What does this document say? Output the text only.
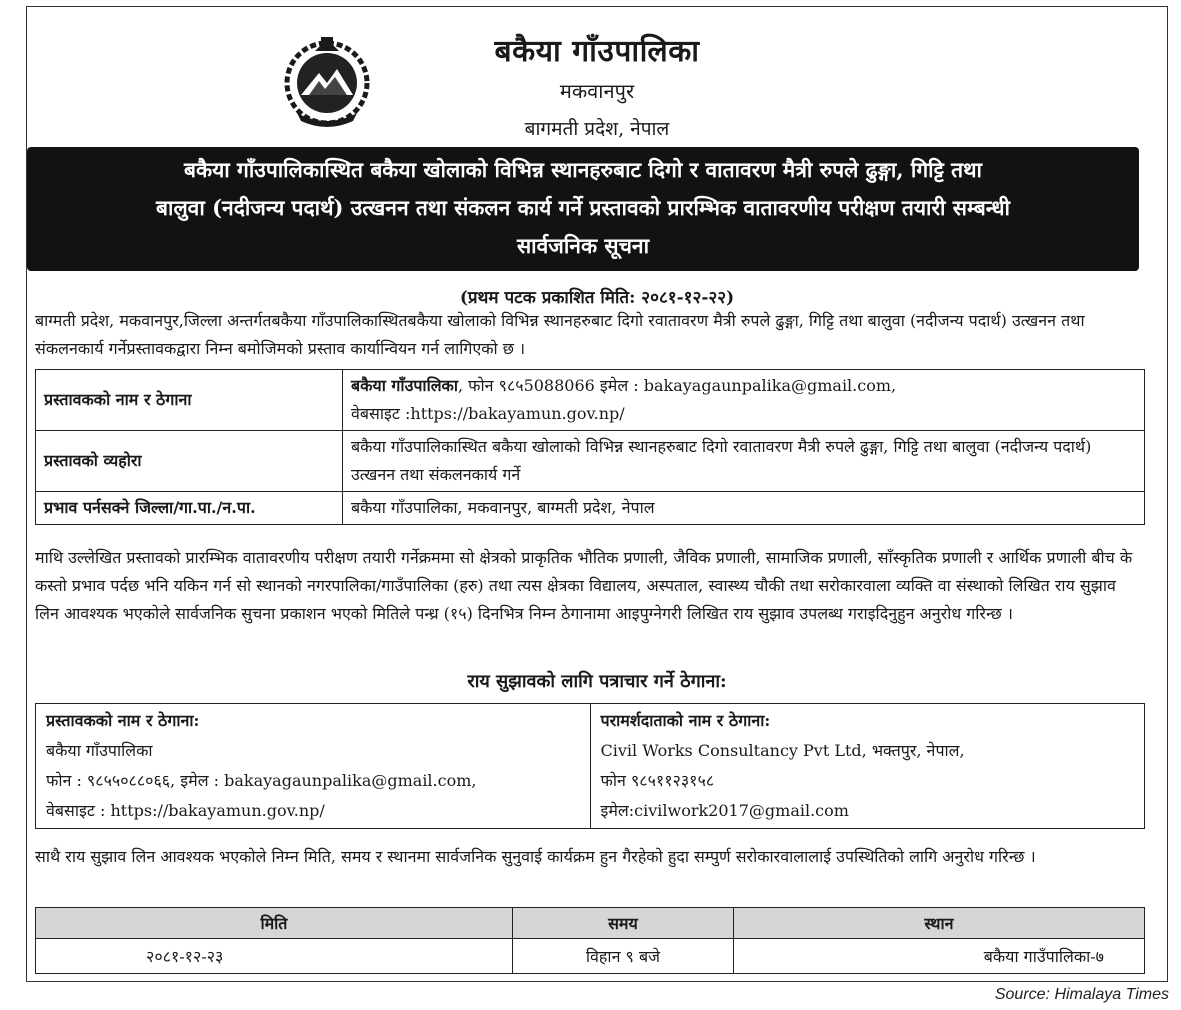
बकैया गाँउपालिका
मकवानपुर
बागमती प्रदेश, नेपाल
बकैया गाँउपालिकास्थित बकैया खोलाको विभिन्न स्थानहरुबाट दिगो र वातावरण मैत्री रुपले ढुङ्गा, गिट्टि तथा
बालुवा (नदीजन्य पदार्थ) उत्खनन तथा संकलन कार्य गर्ने प्रस्तावको प्रारम्भिक वातावरणीय परीक्षण तयारी सम्बन्धी
सार्वजनिक सूचना
(प्रथम पटक प्रकाशित मिति: २०८१-१२-२२)
बाग्मती प्रदेश, मकवानपुर,जिल्ला अन्तर्गतबकैया गाँउपालिकास्थितबकैया खोलाको विभिन्न स्थानहरुबाट दिगो रवातावरण मैत्री रुपले ढुङ्गा, गिट्टि तथा बालुवा (नदीजन्य पदार्थ) उत्खनन तथा संकलनकार्य गर्नेप्रस्तावकद्वारा निम्न बमोजिमको प्रस्ताव कार्यान्वियन गर्न लागिएको छ ।
प्रस्तावकको नाम र ठेगाना	बकैया गाँउपालिका, फोन ९८५5088066 इमेल : bakayagaunpalika@gmail.com,
वेबसाइट :https://bakayamun.gov.np/
प्रस्तावको व्यहोरा	बकैया गाँउपालिकास्थित बकैया खोलाको विभिन्न स्थानहरुबाट दिगो रवातावरण मैत्री रुपले ढुङ्गा, गिट्टि तथा बालुवा (नदीजन्य पदार्थ) उत्खनन तथा संकलनकार्य गर्ने
प्रभाव पर्नसक्ने जिल्ला/गा.पा./न.पा.	बकैया गाँउपालिका, मकवानपुर, बाग्मती प्रदेश, नेपाल
माथि उल्लेखित प्रस्तावको प्रारम्भिक वातावरणीय परीक्षण तयारी गर्नेक्रममा सो क्षेत्रको प्राकृतिक भौतिक प्रणाली, जैविक प्रणाली, सामाजिक प्रणाली, साँस्कृतिक प्रणाली र आर्थिक प्रणाली बीच के कस्तो प्रभाव पर्दछ भनि यकिन गर्न सो स्थानको नगरपालिका/गाउँपालिका (हरु) तथा त्यस क्षेत्रका विद्यालय, अस्पताल, स्वास्थ्य चौकी तथा सरोकारवाला व्यक्ति वा संस्थाको लिखित राय सुझाव लिन आवश्यक भएकोले सार्वजनिक सुचना प्रकाशन भएको मितिले पन्ध्र (१५) दिनभित्र निम्न ठेगानामा आइपुग्नेगरी लिखित राय सुझाव उपलब्ध गराइदिनुहुन अनुरोध गरिन्छ ।
राय सुझावको लागि पत्राचार गर्ने ठेगाना:
प्रस्तावकको नाम र ठेगाना:
बकैया गाँउपालिका
फोन : ९८५५०८८०६६, इमेल : bakayagaunpalika@gmail.com,
वेबसाइट : https://bakayamun.gov.np/

परामर्शदाताको नाम र ठेगाना:
Civil Works Consultancy Pvt Ltd, भक्तपुर, नेपाल,
फोन ९८५११२३१५८
इमेल:civilwork2017@gmail.com
साथै राय सुझाव लिन आवश्यक भएकोले निम्न मिति, समय र स्थानमा सार्वजनिक सुनुवाई कार्यक्रम हुन गैरहेको हुदा सम्पुर्ण सरोकारवालालाई उपस्थितिको लागि अनुरोध गरिन्छ ।
मिति	समय	स्थान
२०८१-१२-२३	विहान ९ बजे	बकैया गाउँपालिका-७
Source: Himalaya Times
